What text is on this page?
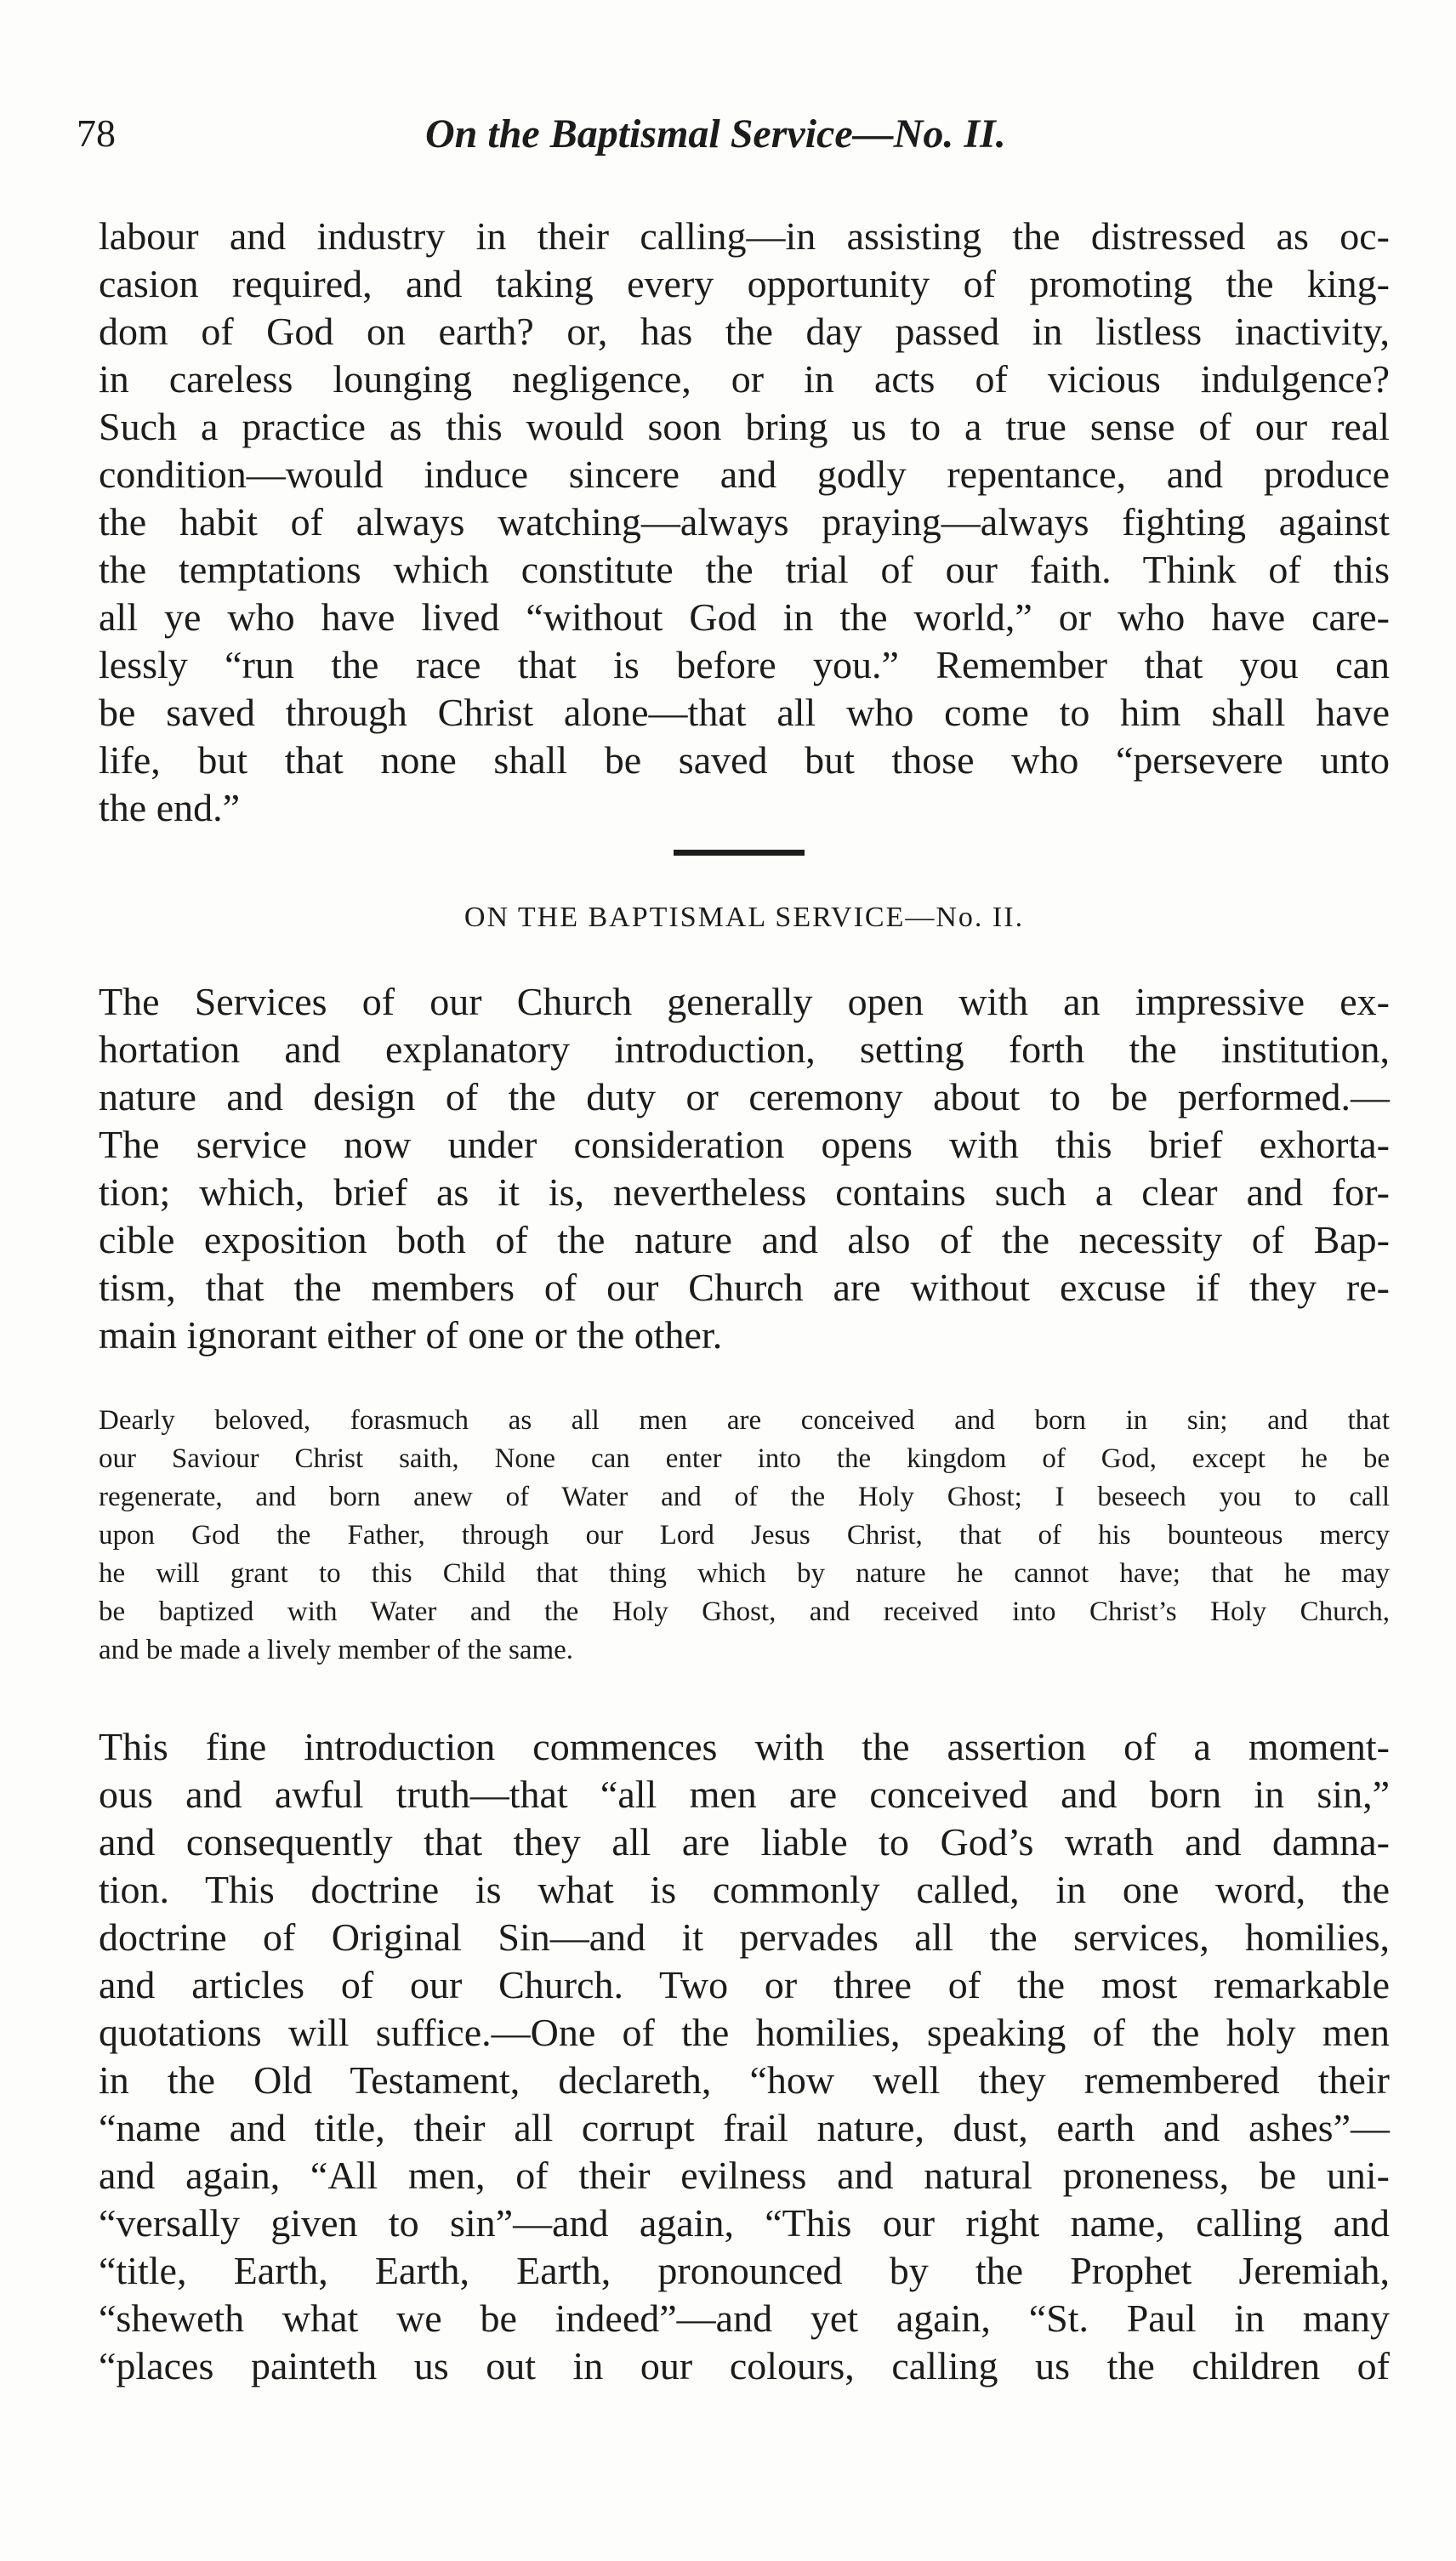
78	On the Baptismal Service—No. II.
labour and industry in their calling—in assisting the distressed as oc-
casion required, and taking every opportunity of promoting the king-
dom of God on earth? or, has the day passed in listless inactivity,
in careless lounging negligence, or in acts of vicious indulgence?
Such a practice as this would soon bring us to a true sense of our real
condition—would induce sincere and godly repentance, and produce
the habit of always watching—always praying—always fighting against
the temptations which constitute the trial of our faith. Think of this
all ye who have lived “without God in the world,” or who have care-
lessly “run the race that is before you.” Remember that you can
be saved through Christ alone—that all who come to him shall have
life, but that none shall be saved but those who “persevere unto
the end.”
ON THE BAPTISMAL SERVICE—No. II.
The Services of our Church generally open with an impressive ex-
hortation and explanatory introduction, setting forth the institution,
nature and design of the duty or ceremony about to be performed.—
The service now under consideration opens with this brief exhorta-
tion; which, brief as it is, nevertheless contains such a clear and for-
cible exposition both of the nature and also of the necessity of Bap-
tism, that the members of our Church are without excuse if they re-
main ignorant either of one or the other.
Dearly beloved, forasmuch as all men are conceived and born in sin; and that
our Saviour Christ saith, None can enter into the kingdom of God, except he be
regenerate, and born anew of Water and of the Holy Ghost; I beseech you to call
upon God the Father, through our Lord Jesus Christ, that of his bounteous mercy
he will grant to this Child that thing which by nature he cannot have; that he may
be baptized with Water and the Holy Ghost, and received into Christ’s Holy Church,
and be made a lively member of the same.
This fine introduction commences with the assertion of a moment-
ous and awful truth—that “all men are conceived and born in sin,”
and consequently that they all are liable to God’s wrath and damna-
tion. This doctrine is what is commonly called, in one word, the
doctrine of Original Sin—and it pervades all the services, homilies,
and articles of our Church. Two or three of the most remarkable
quotations will suffice.—One of the homilies, speaking of the holy men
in the Old Testament, declareth, “how well they remembered their
“name and title, their all corrupt frail nature, dust, earth and ashes”—
and again, “All men, of their evilness and natural proneness, be uni-
“versally given to sin”—and again, “This our right name, calling and
“title, Earth, Earth, Earth, pronounced by the Prophet Jeremiah,
“sheweth what we be indeed”—and yet again, “St. Paul in many
“places painteth us out in our colours, calling us the children of
